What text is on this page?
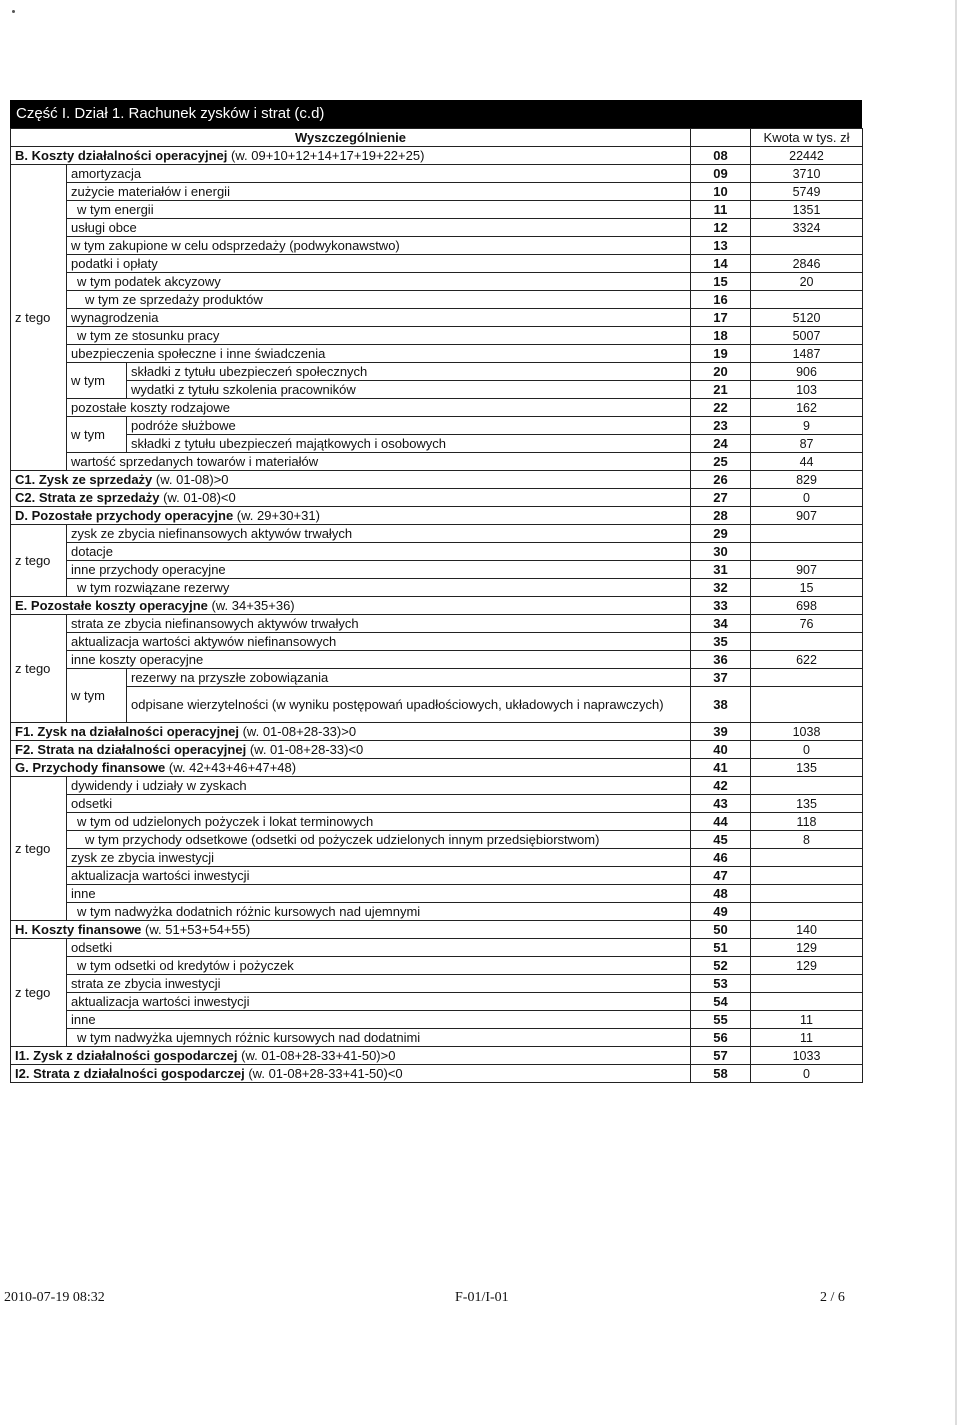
Część I. Dział 1. Rachunek zysków i strat (c.d)
Wyszczególnienie				Kwota w tys. zł
B. Koszty działalności operacyjnej (w. 09+10+12+14+17+19+22+25)			08	22442
z tego	amortyzacja		09	3710
	zużycie materiałów i energii		10	5749
	w tym energii		11	1351
	usługi obce		12	3324
	w tym zakupione w celu odsprzedaży (podwykonawstwo)		13	
	podatki i opłaty		14	2846
	w tym podatek akcyzowy		15	20
	w tym ze sprzedaży produktów		16	
	wynagrodzenia		17	5120
	w tym ze stosunku pracy		18	5007
	ubezpieczenia społeczne i inne świadczenia		19	1487
	w tym	składki z tytułu ubezpieczeń społecznych	20	906
		wydatki z tytułu szkolenia pracowników	21	103
	pozostałe koszty rodzajowe		22	162
	w tym	podróże służbowe	23	9
		składki z tytułu ubezpieczeń majątkowych i osobowych	24	87
	wartość sprzedanych towarów i materiałów		25	44
C1. Zysk ze sprzedaży (w. 01-08)>0			26	829
C2. Strata ze sprzedaży (w. 01-08)<0			27	0
D. Pozostałe przychody operacyjne (w. 29+30+31)			28	907
z tego	zysk ze zbycia niefinansowych aktywów trwałych		29	
	dotacje		30	
	inne przychody operacyjne		31	907
	w tym rozwiązane rezerwy		32	15
E. Pozostałe koszty operacyjne (w. 34+35+36)			33	698
z tego	strata ze zbycia niefinansowych aktywów trwałych		34	76
	aktualizacja wartości aktywów niefinansowych		35	
	inne koszty operacyjne		36	622
	w tym	rezerwy na przyszłe zobowiązania	37	
		odpisane wierzytelności (w wyniku postępowań upadłościowych, układowych i naprawczych)	38	
F1. Zysk na działalności operacyjnej (w. 01-08+28-33)>0			39	1038
F2. Strata na działalności operacyjnej (w. 01-08+28-33)<0			40	0
G. Przychody finansowe (w. 42+43+46+47+48)			41	135
z tego	dywidendy i udziały w zyskach		42	
	odsetki		43	135
	w tym od udzielonych pożyczek i lokat terminowych		44	118
	w tym przychody odsetkowe (odsetki od pożyczek udzielonych innym przedsiębiorstwom)		45	8
	zysk ze zbycia inwestycji		46	
	aktualizacja wartości inwestycji		47	
	inne		48	
	w tym nadwyżka dodatnich różnic kursowych nad ujemnymi		49	
H. Koszty finansowe (w. 51+53+54+55)			50	140
z tego	odsetki		51	129
	w tym odsetki od kredytów i pożyczek		52	129
	strata ze zbycia inwestycji		53	
	aktualizacja wartości inwestycji		54	
	inne		55	11
	w tym nadwyżka ujemnych różnic kursowych nad dodatnimi		56	11
I1. Zysk z działalności gospodarczej (w. 01-08+28-33+41-50)>0			57	1033
I2. Strata z działalności gospodarczej (w. 01-08+28-33+41-50)<0			58	0
2010-07-19 08:32	F-01/I-01	2 / 6
